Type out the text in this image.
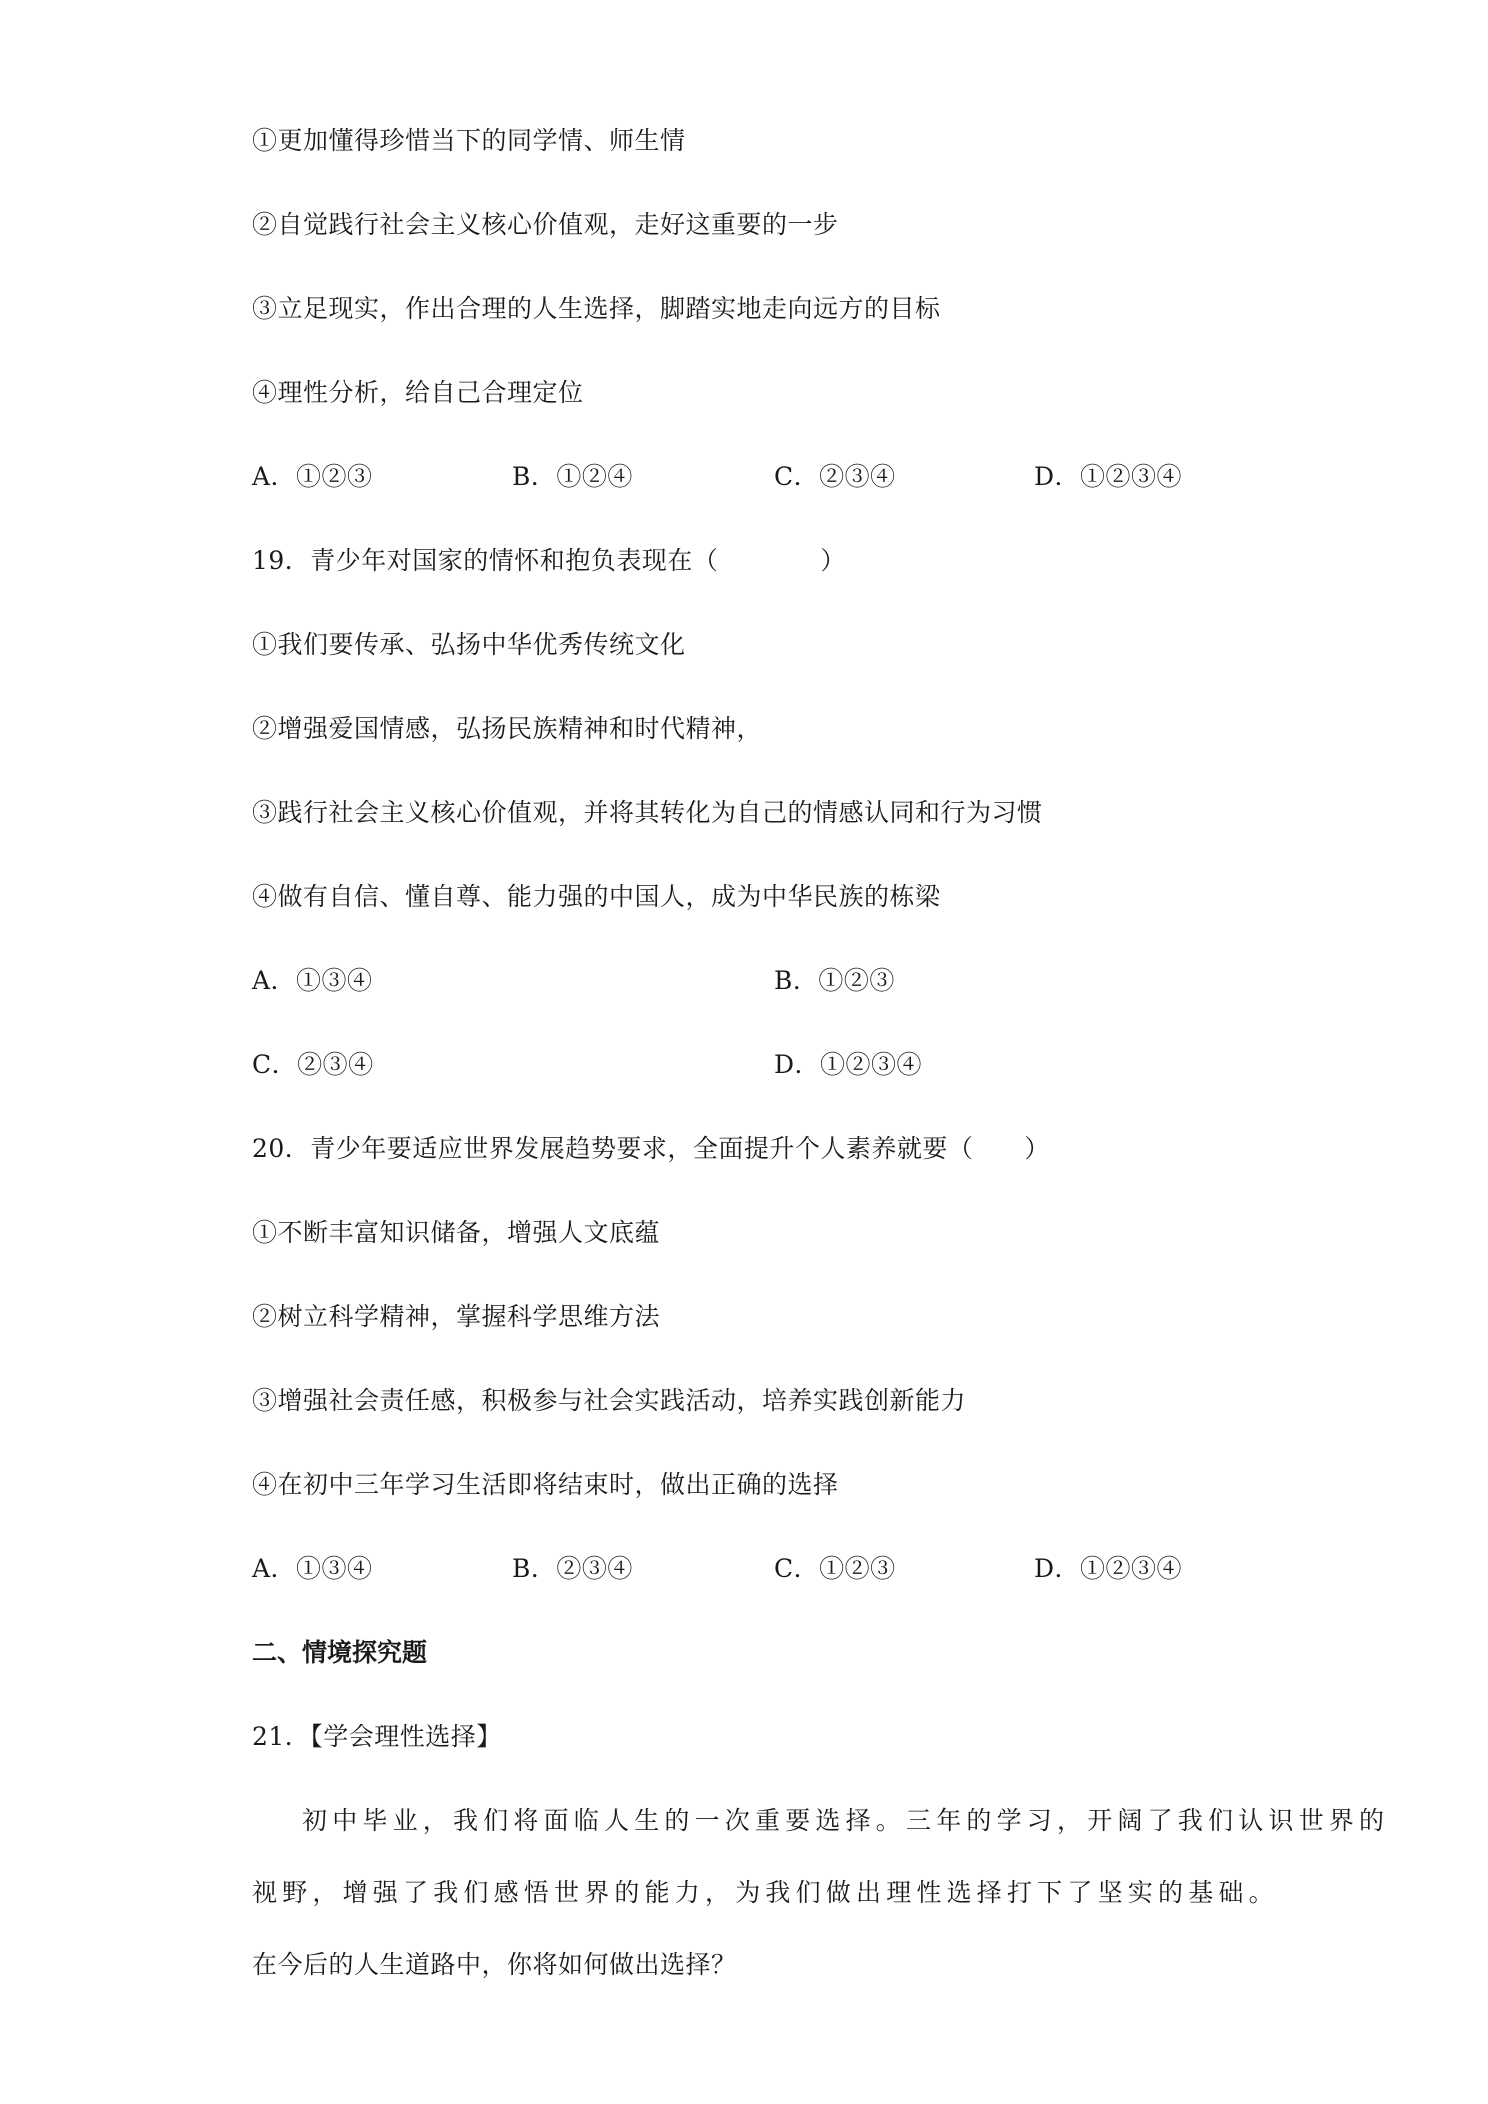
①更加懂得珍惜当下的同学情、师生情
②自觉践行社会主义核心价值观，走好这重要的一步
③立足现实，作出合理的人生选择，脚踏实地走向远方的目标
④理性分析，给自己合理定位
A．①②③	B．①②④	C．②③④	D．①②③④
19．青少年对国家的情怀和抱负表现在（　　　　）
①我们要传承、弘扬中华优秀传统文化
②增强爱国情感，弘扬民族精神和时代精神，
③践行社会主义核心价值观，并将其转化为自己的情感认同和行为习惯
④做有自信、懂自尊、能力强的中国人，成为中华民族的栋梁
A．①③④	B．①②③
C．②③④	D．①②③④
20．青少年要适应世界发展趋势要求，全面提升个人素养就要（　　）
①不断丰富知识储备，增强人文底蕴
②树立科学精神，掌握科学思维方法
③增强社会责任感，积极参与社会实践活动，培养实践创新能力
④在初中三年学习生活即将结束时，做出正确的选择
A．①③④	B．②③④	C．①②③	D．①②③④
二、情境探究题
21．【学会理性选择】
初中毕业，我们将面临人生的一次重要选择。三年的学习，开阔了我们认识世界的
视野，增强了我们感悟世界的能力，为我们做出理性选择打下了坚实的基础。
在今后的人生道路中，你将如何做出选择？
